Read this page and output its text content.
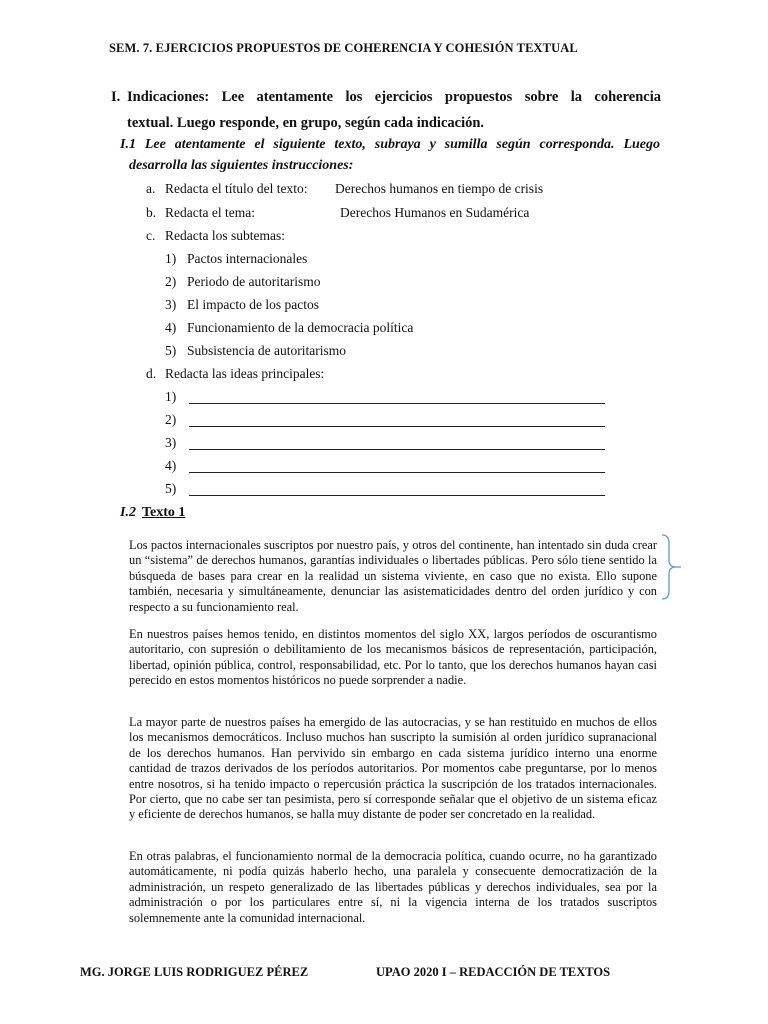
SEM. 7. EJERCICIOS PROPUESTOS DE COHERENCIA Y COHESIÓN TEXTUAL
I. Indicaciones: Lee atentamente los ejercicios propuestos sobre la coherencia
textual. Luego responde, en grupo, según cada indicación.
I.1 Lee atentamente el siguiente texto, subraya y sumilla según corresponda. Luego
desarrolla las siguientes instrucciones:
a. Redacta el título del texto: Derechos humanos en tiempo de crisis
b. Redacta el tema:	Derechos Humanos en Sudamérica
c. Redacta los subtemas:
1) Pactos internacionales
2) Periodo de autoritarismo
3) El impacto de los pactos
4) Funcionamiento de la democracia política
5) Subsistencia de autoritarismo
d. Redacta las ideas principales:
1)
2)
3)
4)
5)
I.2 Texto 1

Los pactos internacionales suscriptos por nuestro país, y otros del continente, han intentado sin duda crear un “sistema” de derechos humanos, garantías individuales o libertades públicas. Pero sólo tiene sentido la búsqueda de bases para crear en la realidad un sistema viviente, en caso que no exista. Ello supone también, necesaria y simultáneamente, denunciar las asistematicidades dentro del orden jurídico y con respecto a su funcionamiento real.

En nuestros países hemos tenido, en distintos momentos del siglo XX, largos períodos de oscurantismo autoritario, con supresión o debilitamiento de los mecanismos básicos de representación, participación, libertad, opinión pública, control, responsabilidad, etc. Por lo tanto, que los derechos humanos hayan casi perecido en estos momentos históricos no puede sorprender a nadie.

La mayor parte de nuestros países ha emergido de las autocracias, y se han restituido en muchos de ellos los mecanismos democráticos. Incluso muchos han suscripto la sumisión al orden jurídico supranacional de los derechos humanos. Han pervivido sin embargo en cada sistema jurídico interno una enorme cantidad de trazos derivados de los períodos autoritarios. Por momentos cabe preguntarse, por lo menos entre nosotros, si ha tenido impacto o repercusión práctica la suscripción de los tratados internacionales. Por cierto, que no cabe ser tan pesimista, pero sí corresponde señalar que el objetivo de un sistema eficaz y eficiente de derechos humanos, se halla muy distante de poder ser concretado en la realidad.

En otras palabras, el funcionamiento normal de la democracia política, cuando ocurre, no ha garantizado automáticamente, ni podía quizás haberlo hecho, una paralela y consecuente democratización de la administración, un respeto generalizado de las libertades públicas y derechos individuales, sea por la administración o por los particulares entre sí, ni la vigencia interna de los tratados suscriptos solemnemente ante la comunidad internacional.

MG. JORGE LUIS RODRIGUEZ PÉREZ	UPAO 2020 I – REDACCIÓN DE TEXTOS
